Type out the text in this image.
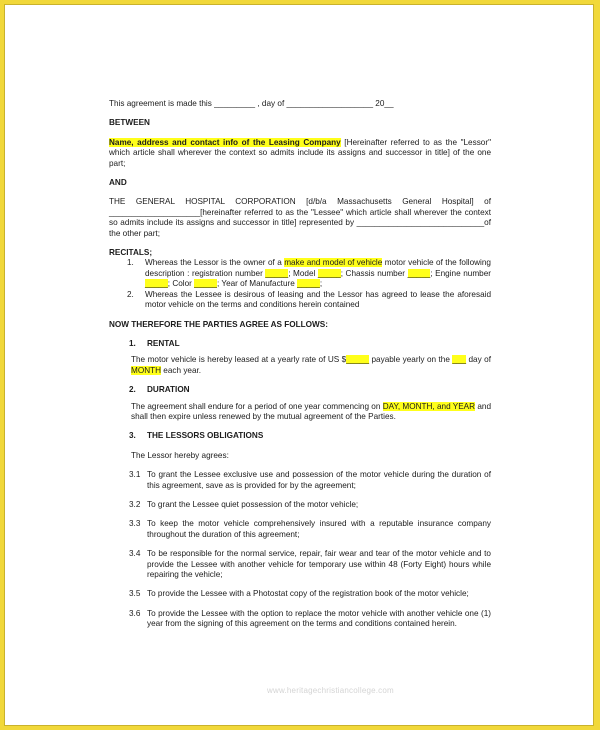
This agreement is made this _________ , day of ___________________ 20__

BETWEEN

Name, address and contact info of the Leasing Company [Hereinafter referred to as the "Lessor" which article shall wherever the context so admits include its assigns and successor in title] of the one part;

AND

THE GENERAL HOSPITAL CORPORATION [d/b/a Massachusetts General Hospital] of ____________________[hereinafter referred to as the "Lessee" which article shall wherever the context so admits include its assigns and successor in title] represented by ____________________________of the other part;

RECITALS;

1.	Whereas the Lessor is the owner of a make and model of vehicle motor vehicle of the following description : registration number _____; Model _____; Chassis number _____; Engine number _____; Color _____; Year of Manufacture _____;
2.	Whereas the Lessee is desirous of leasing and the Lessor has agreed to lease the aforesaid motor vehicle on the terms and conditions herein contained

NOW THEREFORE THE PARTIES AGREE AS FOLLOWS:

1.	RENTAL

The motor vehicle is hereby leased at a yearly rate of US $_____ payable yearly on the ___ day of MONTH each year.

2.	DURATION

The agreement shall endure for a period of one year commencing on DAY, MONTH, and YEAR and shall then expire unless renewed by the mutual agreement of the Parties.

3.	THE LESSORS OBLIGATIONS

The Lessor hereby agrees:

3.1 To grant the Lessee exclusive use and possession of the motor vehicle during the duration of this agreement, save as is provided for by the agreement;
3.2 To grant the Lessee quiet possession of the motor vehicle;
3.3 To keep the motor vehicle comprehensively insured with a reputable insurance company throughout the duration of this agreement;
3.4 To be responsible for the normal service, repair, fair wear and tear of the motor vehicle and to provide the Lessee with another vehicle for temporary use within 48 (Forty Eight) hours while repairing the vehicle;
3.5 To provide the Lessee with a Photostat copy of the registration book of the motor vehicle;
3.6 To provide the Lessee with the option to replace the motor vehicle with another vehicle one (1) year from the signing of this agreement on the terms and conditions contained herein.
www.heritagechristiancollege.com
